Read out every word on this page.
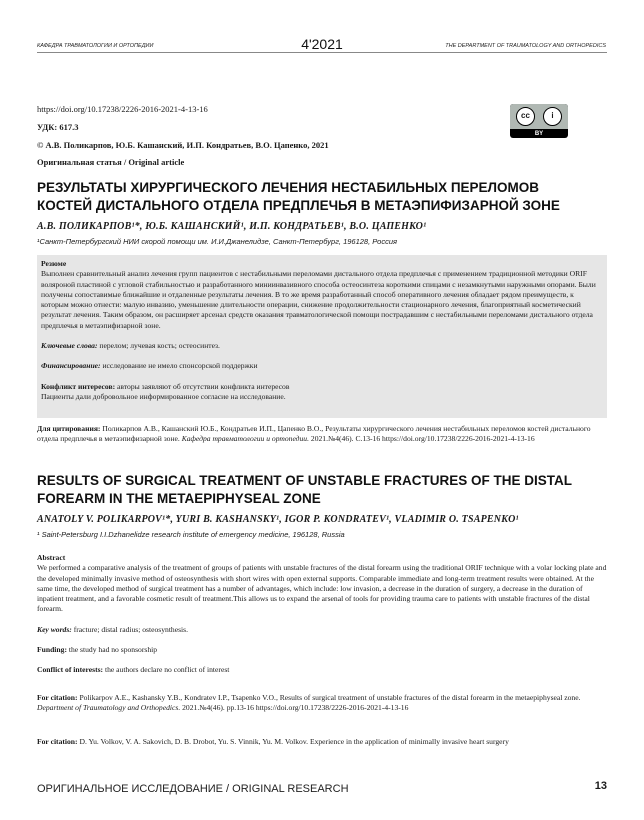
КАФЕДРА ТРАВМАТОЛОГИИ И ОРТОПЕДИИ	4'2021	THE DEPARTMENT OF TRAUMATOLOGY AND ORTHOPEDICS
https://doi.org/10.17238/2226-2016-2021-4-13-16
УДК: 617.3
© А.В. Поликарпов, Ю.Б. Кашанский, И.П. Кондратьев, В.О. Цапенко, 2021
Оригинальная статья / Original article
cc	i
BY
РЕЗУЛЬТАТЫ ХИРУРГИЧЕСКОГО ЛЕЧЕНИЯ НЕСТАБИЛЬНЫХ ПЕРЕЛОМОВ КОСТЕЙ ДИСТАЛЬНОГО ОТДЕЛА ПРЕДПЛЕЧЬЯ В МЕТАЭПИФИЗАРНОЙ ЗОНЕ
А.В. ПОЛИКАРПОВ¹*, Ю.Б. КАШАНСКИЙ¹, И.П. КОНДРАТЬЕВ¹, В.О. ЦАПЕНКО¹
¹Санкт-Петербургский НИИ скорой помощи им. И.И.Джанелидзе, Санкт-Петербург, 196128, Россия
Резюме
Выполнен сравнительный анализ лечения групп пациентов с нестабильными переломами дистального отдела предплечья с применением традиционной методики ORIF воляроной пластиной с угловой стабильностью и разработанного миниинвазивного способа остеосинтеза короткими спицами с незамкнутыми наружными опорами. Были получены сопоставимые ближайшие и отдаленные результаты лечения. В то же время разработанный способ оперативного лечения обладает рядом преимуществ, к которым можно отнести: малую инвазию, уменьшение длительности операции, снижение продолжительности стационарного лечения, благоприятный косметический результат лечения. Таким образом, он расширяет арсенал средств оказания травматологической помощи пострадавшим с нестабильными переломами дистального отдела предплечья в метаэпифизарной зоне.
Ключевые слова: перелом; лучевая кость; остеосинтез.
Финансирование: исследование не имело спонсорской поддержки
Конфликт интересов: авторы заявляют об отсутствии конфликта интересов
Пациенты дали добровольное информированное согласие на исследование.
Для цитирования: Поликарпов А.В., Кашанский Ю.Б., Кондратьев И.П., Цапенко В.О., Результаты хирургического лечения нестабильных переломов костей дистального отдела предплечья в метаэпифизарной зоне. Кафедра травматологии и ортопедии. 2021.№4(46). С.13-16 https://doi.org/10.17238/2226-2016-2021-4-13-16
RESULTS OF SURGICAL TREATMENT OF UNSTABLE FRACTURES OF THE DISTAL FOREARM IN THE METAEPIPHYSEAL ZONE
ANATOLY V. POLIKARPOV¹*, YURI B. KASHANSKY¹, IGOR P. KONDRATEV¹, VLADIMIR O. TSAPENKO¹
¹ Saint-Petersburg I.I.Dzhanelidze research institute of emergency medicine, 196128, Russia
Abstract
We performed a comparative analysis of the treatment of groups of patients with unstable fractures of the distal forearm using the traditional ORIF technique with a volar locking plate and the developed minimally invasive method of osteosynthesis with short wires with open external supports. Comparable immediate and long-term treatment results were obtained. At the same time, the developed method of surgical treatment has a number of advantages, which include: low invasion, a decrease in the duration of surgery, a decrease in the duration of inpatient treatment, and a favorable cosmetic result of treatment.This allows us to expand the arsenal of tools for providing trauma care to patients with unstable fractures of the distal forearm.
Key words: fracture; distal radius; osteosynthesis.
Funding: the study had no sponsorship
Conflict of interests: the authors declare no conflict of interest
For citation: Polikarpov A.E., Kashansky Y.B., Kondratev I.P., Tsapenko V.O., Results of surgical treatment of unstable fractures of the distal forearm in the metaepiphyseal zone. Department of Traumatology and Orthopedics. 2021.№4(46). pp.13-16 https://doi.org/10.17238/2226-2016-2021-4-13-16
For citation: D. Yu. Volkov, V. A. Sakovich, D. B. Drobot, Yu. S. Vinnik, Yu. M. Volkov. Experience in the application of minimally invasive heart surgery
ОРИГИНАЛЬНОЕ ИССЛЕДОВАНИЕ / ORIGINAL RESEARCH	13
